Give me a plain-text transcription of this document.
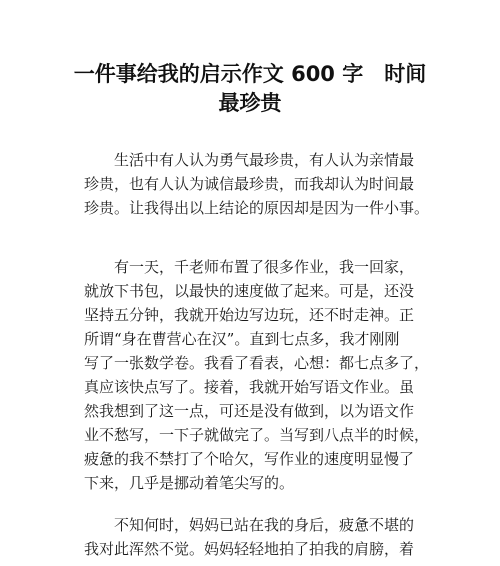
一件事给我的启示作文 600 字　时间
最珍贵

　　生活中有人认为勇气最珍贵，有人认为亲情最
珍贵，也有人认为诚信最珍贵，而我却认为时间最
珍贵。让我得出以上结论的原因却是因为一件小事。

　　有一天，千老师布置了很多作业，我一回家，
就放下书包，以最快的速度做了起来。可是，还没
坚持五分钟，我就开始边写边玩，还不时走神。正
所谓“身在曹营心在汉”。直到七点多，我才刚刚
写了一张数学卷。我看了看表，心想：都七点多了，
真应该快点写了。接着，我就开始写语文作业。虽
然我想到了这一点，可还是没有做到，以为语文作
业不愁写，一下子就做完了。当写到八点半的时候，
疲惫的我不禁打了个哈欠，写作业的速度明显慢了
下来，几乎是挪动着笔尖写的。

　　不知何时，妈妈已站在我的身后，疲惫不堪的
我对此浑然不觉。妈妈轻轻地拍了拍我的肩膀，着
